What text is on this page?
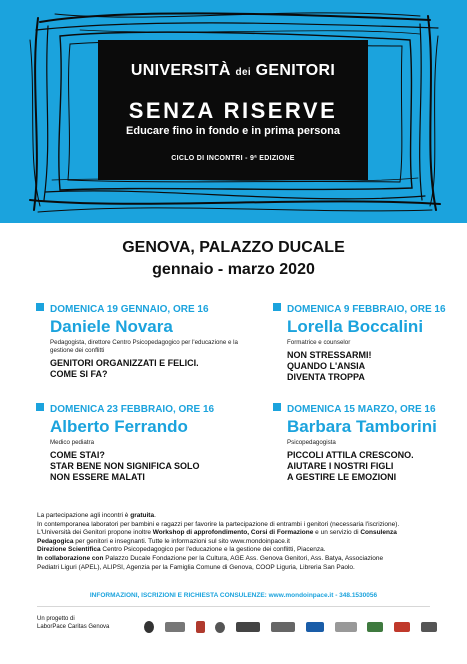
UNIVERSITÀ dei GENITORI
SENZA RISERVE
Educare fino in fondo e in prima persona
CICLO DI INCONTRI - 9ª EDIZIONE
GENOVA, PALAZZO DUCALE
gennaio - marzo 2020
DOMENICA 19 GENNAIO, ORE 16
Daniele Novara
Pedagogista, direttore Centro Psicopedagogico per l'educazione e la gestione dei conflitti
GENITORI ORGANIZZATI E FELICI.
COME SI FA?
DOMENICA 9 FEBBRAIO, ORE 16
Lorella Boccalini
Formatrice e counselor
NON STRESSARMI!
QUANDO L'ANSIA
DIVENTA TROPPA
DOMENICA 23 FEBBRAIO, ORE 16
Alberto Ferrando
Medico pediatra
COME STAI?
STAR BENE NON SIGNIFICA SOLO
NON ESSERE MALATI
DOMENICA 15 MARZO, ORE 16
Barbara Tamborini
Psicopedagogista
PICCOLI ATTILA CRESCONO.
AIUTARE I NOSTRI FIGLI
A GESTIRE LE EMOZIONI

La partecipazione agli incontri è gratuita.

In contemporanea laboratori per bambini e ragazzi per favorire la partecipazione di entrambi i genitori (necessaria l'iscrizione).

L'Università dei Genitori propone inoltre Workshop di approfondimento, Corsi di Formazione e un servizio di Consulenza

Pedagogica per genitori e insegnanti. Tutte le informazioni sul sito www.mondoinpace.it

Direzione Scientifica Centro Psicopedagogico per l'educazione e la gestione dei conflitti, Piacenza.

In collaborazione con Palazzo Ducale Fondazione per la Cultura, AGE Ass. Genova Genitori, Ass. Batya, Associazione

Pediatri Liguri (APEL), ALIPSI, Agenzia per la Famiglia Comune di Genova, COOP Liguria, Libreria San Paolo.

INFORMAZIONI, ISCRIZIONI E RICHIESTA CONSULENZE: www.mondoinpace.it - 348.1530056
Un progetto di
LaborPace Caritas Genova
